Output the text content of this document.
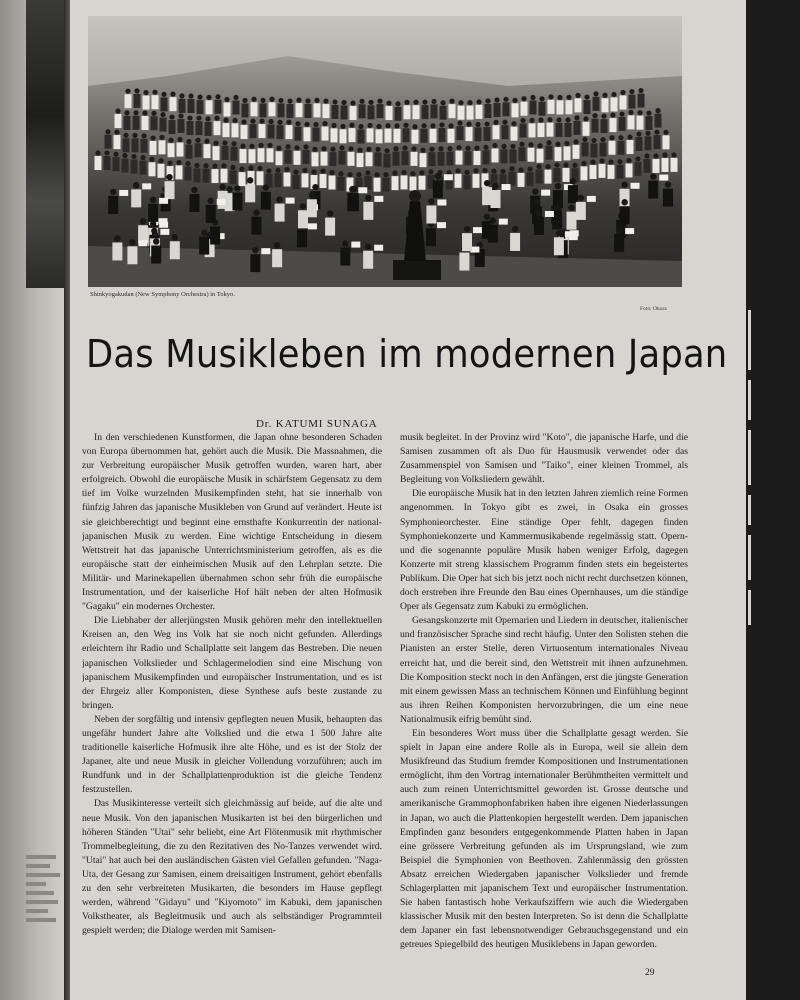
Shinkyogakudan (New Symphony Orchestra) in Tokyo.
Foto: Okura
Das Musikleben im modernen Japan
Dr. KATUMI SUNAGA

In den verschiedenen Kunstformen, die Japan ohne besonderen Schaden von Europa übernommen hat, gehört auch die Musik. Die Massnahmen, die zur Verbreitung europäischer Musik getroffen wurden, waren hart, aber erfolgreich. Obwohl die europäische Musik in schärfstem Gegensatz zu dem tief im Volke wurzelnden Musikempfinden steht, hat sie innerhalb von fünfzig Jahren das japanische Musikleben von Grund auf verändert. Heute ist sie gleichberechtigt und beginnt eine ernsthafte Konkurrentin der national-japanischen Musik zu werden. Eine wichtige Entscheidung in diesem Wettstreit hat das japanische Unterrichtsministerium getroffen, als es die europäische statt der einheimischen Musik auf den Lehrplan setzte. Die Militär- und Marinekapellen übernahmen schon sehr früh die europäische Instrumentation, und der kaiserliche Hof hält neben der alten Hofmusik "Gagaku" ein modernes Orchester.

Die Liebhaber der allerjüngsten Musik gehören mehr den intellektuellen Kreisen an, den Weg ins Volk hat sie noch nicht gefunden. Allerdings erleichtern ihr Radio und Schallplatte seit langem das Bestreben. Die neuen japanischen Volkslieder und Schlagermelodien sind eine Mischung von japanischem Musikempfinden und europäischer Instrumentation, und es ist der Ehrgeiz aller Komponisten, diese Synthese aufs beste zustande zu bringen.

Neben der sorgfältig und intensiv gepflegten neuen Musik, behaupten das ungefähr hundert Jahre alte Volkslied und die etwa 1 500 Jahre alte traditionelle kaiserliche Hofmusik ihre alte Höhe, und es ist der Stolz der Japaner, alte und neue Musik in gleicher Vollendung vorzuführen; auch im Rundfunk und in der Schallplattenproduktion ist die gleiche Tendenz festzustellen.

Das Musikinteresse verteilt sich gleichmässig auf beide, auf die alte und neue Musik. Von den japanischen Musikarten ist bei den bürgerlichen und höheren Ständen "Utai" sehr beliebt, eine Art Flötenmusik mit rhythmischer Trommelbegleitung, die zu den Rezitativen des No-Tanzes verwendet wird. "Utai" hat auch bei den ausländischen Gästen viel Gefallen gefunden. "Naga-Uta, der Gesang zur Samisen, einem dreisaitigen Instrument, gehört ebenfalls zu den sehr verbreiteten Musikarten, die besonders im Hause gepflegt werden, während "Gidayu" und "Kiyomoto" im Kabuki, dem japanischen Volkstheater, als Begleitmusik und auch als selbständiger Programmteil gespielt werden; die Dialoge werden mit Samisen-

musik begleitet. In der Provinz wird "Koto", die japanische Harfe, und die Samisen zusammen oft als Duo für Hausmusik verwendet oder das Zusammenspiel von Samisen und "Taiko", einer kleinen Trommel, als Begleitung von Volksliedern gewählt.

Die europäische Musik hat in den letzten Jahren ziemlich reine Formen angenommen. In Tokyo gibt es zwei, in Osaka ein grosses Symphonieorchester. Eine ständige Oper fehlt, dagegen finden Symphoniekonzerte und Kammermusikabende regelmässig statt. Opern- und die sogenannte populäre Musik haben weniger Erfolg, dagegen Konzerte mit streng klassischem Programm finden stets ein begeistertes Publikum. Die Oper hat sich bis jetzt noch nicht recht durchsetzen können, doch erstreben ihre Freunde den Bau eines Opernhauses, um die ständige Oper als Gegensatz zum Kabuki zu ermöglichen.

Gesangskonzerte mit Opernarien und Liedern in deutscher, italienischer und französischer Sprache sind recht häufig. Unter den Solisten stehen die Pianisten an erster Stelle, deren Virtuosentum internationales Niveau erreicht hat, und die bereit sind, den Wettstreit mit ihnen aufzunehmen. Die Komposition steckt noch in den Anfängen, erst die jüngste Generation mit einem gewissen Mass an technischem Können und Einfühlung beginnt aus ihren Reihen Komponisten hervorzubringen, die um eine neue Nationalmusik eifrig bemüht sind.

Ein besonderes Wort muss über die Schallplatte gesagt werden. Sie spielt in Japan eine andere Rolle als in Europa, weil sie allein dem Musikfreund das Studium fremder Kompositionen und Instrumentationen ermöglicht, ihm den Vortrag internationaler Berühmtheiten vermittelt und auch zum reinen Unterrichtsmittel geworden ist. Grosse deutsche und amerikanische Grammophonfabriken haben ihre eigenen Niederlassungen in Japan, wo auch die Plattenkopien hergestellt werden. Dem japanischen Empfinden ganz besonders entgegenkommende Platten haben in Japan eine grössere Verbreitung gefunden als im Ursprungsland, wie zum Beispiel die Symphonien von Beethoven. Zahlenmässig den grössten Absatz erreichen Wiedergaben japanischer Volkslieder und fremde Schlagerplatten mit japanischem Text und europäischer Instrumentation. Sie haben fantastisch hohe Verkaufsziffern wie auch die Wiedergaben klassischer Musik mit den besten Interpreten. So ist denn die Schallplatte dem Japaner ein fast lebensnotwendiger Gebrauchsgegenstand und ein getreues Spiegelbild des heutigen Musiklebens in Japan geworden.

29
